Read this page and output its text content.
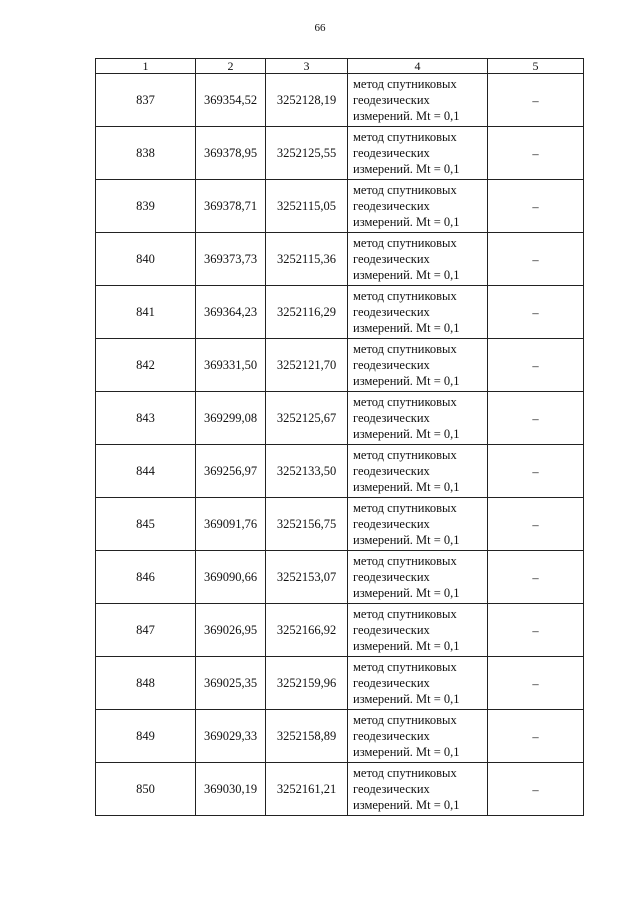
66
1	2	3	4	5
837	369354,52	3252128,19	метод спутниковых
геодезических
измерений. Mt = 0,1	–
838	369378,95	3252125,55	метод спутниковых
геодезических
измерений. Mt = 0,1	–
839	369378,71	3252115,05	метод спутниковых
геодезических
измерений. Mt = 0,1	–
840	369373,73	3252115,36	метод спутниковых
геодезических
измерений. Mt = 0,1	–
841	369364,23	3252116,29	метод спутниковых
геодезических
измерений. Mt = 0,1	–
842	369331,50	3252121,70	метод спутниковых
геодезических
измерений. Mt = 0,1	–
843	369299,08	3252125,67	метод спутниковых
геодезических
измерений. Mt = 0,1	–
844	369256,97	3252133,50	метод спутниковых
геодезических
измерений. Mt = 0,1	–
845	369091,76	3252156,75	метод спутниковых
геодезических
измерений. Mt = 0,1	–
846	369090,66	3252153,07	метод спутниковых
геодезических
измерений. Mt = 0,1	–
847	369026,95	3252166,92	метод спутниковых
геодезических
измерений. Mt = 0,1	–
848	369025,35	3252159,96	метод спутниковых
геодезических
измерений. Mt = 0,1	–
849	369029,33	3252158,89	метод спутниковых
геодезических
измерений. Mt = 0,1	–
850	369030,19	3252161,21	метод спутниковых
геодезических
измерений. Mt = 0,1	–
